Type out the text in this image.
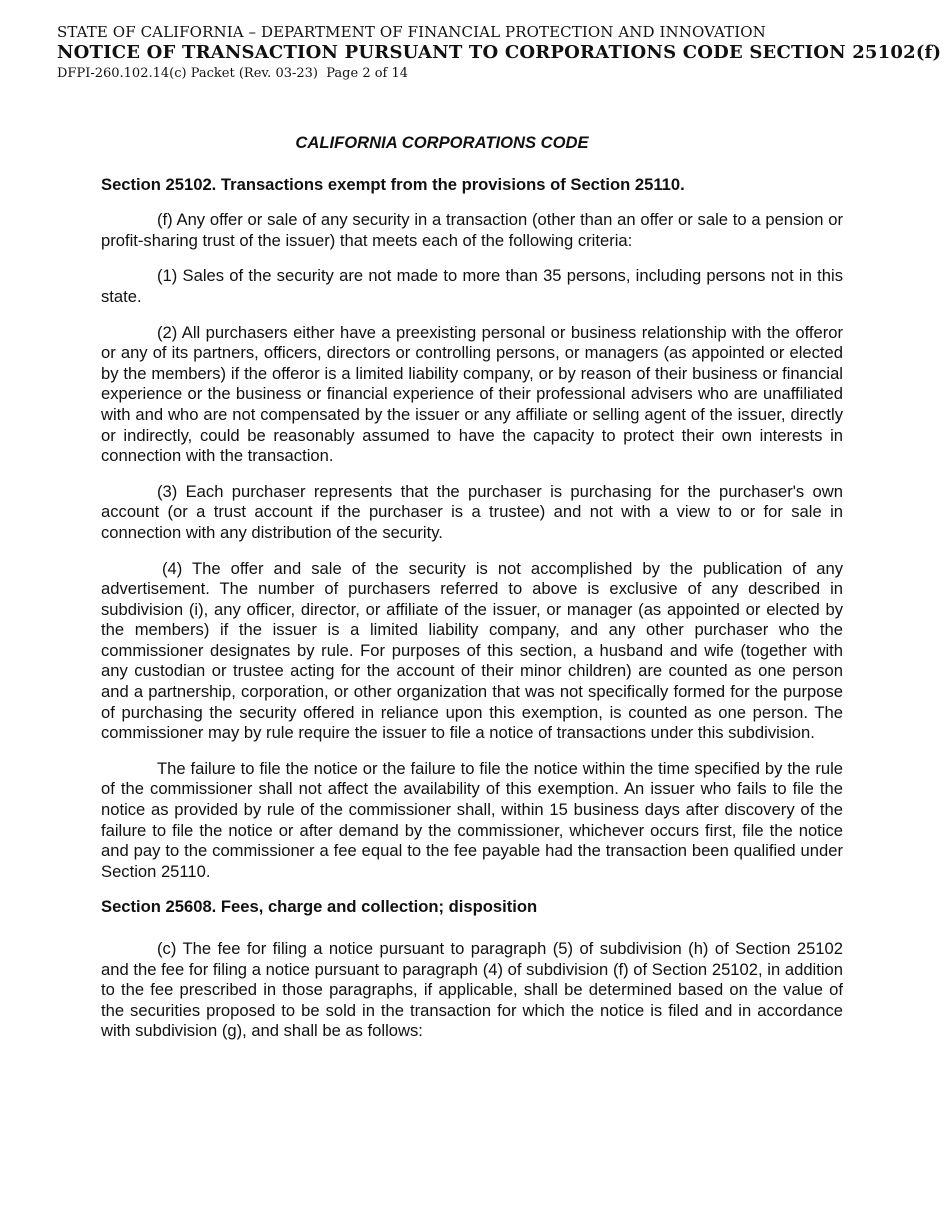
STATE OF CALIFORNIA – DEPARTMENT OF FINANCIAL PROTECTION AND INNOVATION
NOTICE OF TRANSACTION PURSUANT TO CORPORATIONS CODE SECTION 25102(f)
DFPI-260.102.14(c) Packet (Rev. 03-23) Page 2 of 14
CALIFORNIA CORPORATIONS CODE
Section 25102. Transactions exempt from the provisions of Section 25110.

(f) Any offer or sale of any security in a transaction (other than an offer or sale to a pension or profit-sharing trust of the issuer) that meets each of the following criteria:

(1) Sales of the security are not made to more than 35 persons, including persons not in this state.

(2) All purchasers either have a preexisting personal or business relationship with the offeror or any of its partners, officers, directors or controlling persons, or managers (as appointed or elected by the members) if the offeror is a limited liability company, or by reason of their business or financial experience or the business or financial experience of their professional advisers who are unaffiliated with and who are not compensated by the issuer or any affiliate or selling agent of the issuer, directly or indirectly, could be reasonably assumed to have the capacity to protect their own interests in connection with the transaction.

(3) Each purchaser represents that the purchaser is purchasing for the purchaser's own account (or a trust account if the purchaser is a trustee) and not with a view to or for sale in connection with any distribution of the security.

(4) The offer and sale of the security is not accomplished by the publication of any advertisement. The number of purchasers referred to above is exclusive of any described in subdivision (i), any officer, director, or affiliate of the issuer, or manager (as appointed or elected by the members) if the issuer is a limited liability company, and any other purchaser who the commissioner designates by rule. For purposes of this section, a husband and wife (together with any custodian or trustee acting for the account of their minor children) are counted as one person and a partnership, corporation, or other organization that was not specifically formed for the purpose of purchasing the security offered in reliance upon this exemption, is counted as one person. The commissioner may by rule require the issuer to file a notice of transactions under this subdivision.

The failure to file the notice or the failure to file the notice within the time specified by the rule of the commissioner shall not affect the availability of this exemption. An issuer who fails to file the notice as provided by rule of the commissioner shall, within 15 business days after discovery of the failure to file the notice or after demand by the commissioner, whichever occurs first, file the notice and pay to the commissioner a fee equal to the fee payable had the transaction been qualified under Section 25110.

Section 25608. Fees, charge and collection; disposition

(c) The fee for filing a notice pursuant to paragraph (5) of subdivision (h) of Section 25102 and the fee for filing a notice pursuant to paragraph (4) of subdivision (f) of Section 25102, in addition to the fee prescribed in those paragraphs, if applicable, shall be determined based on the value of the securities proposed to be sold in the transaction for which the notice is filed and in accordance with subdivision (g), and shall be as follows:
